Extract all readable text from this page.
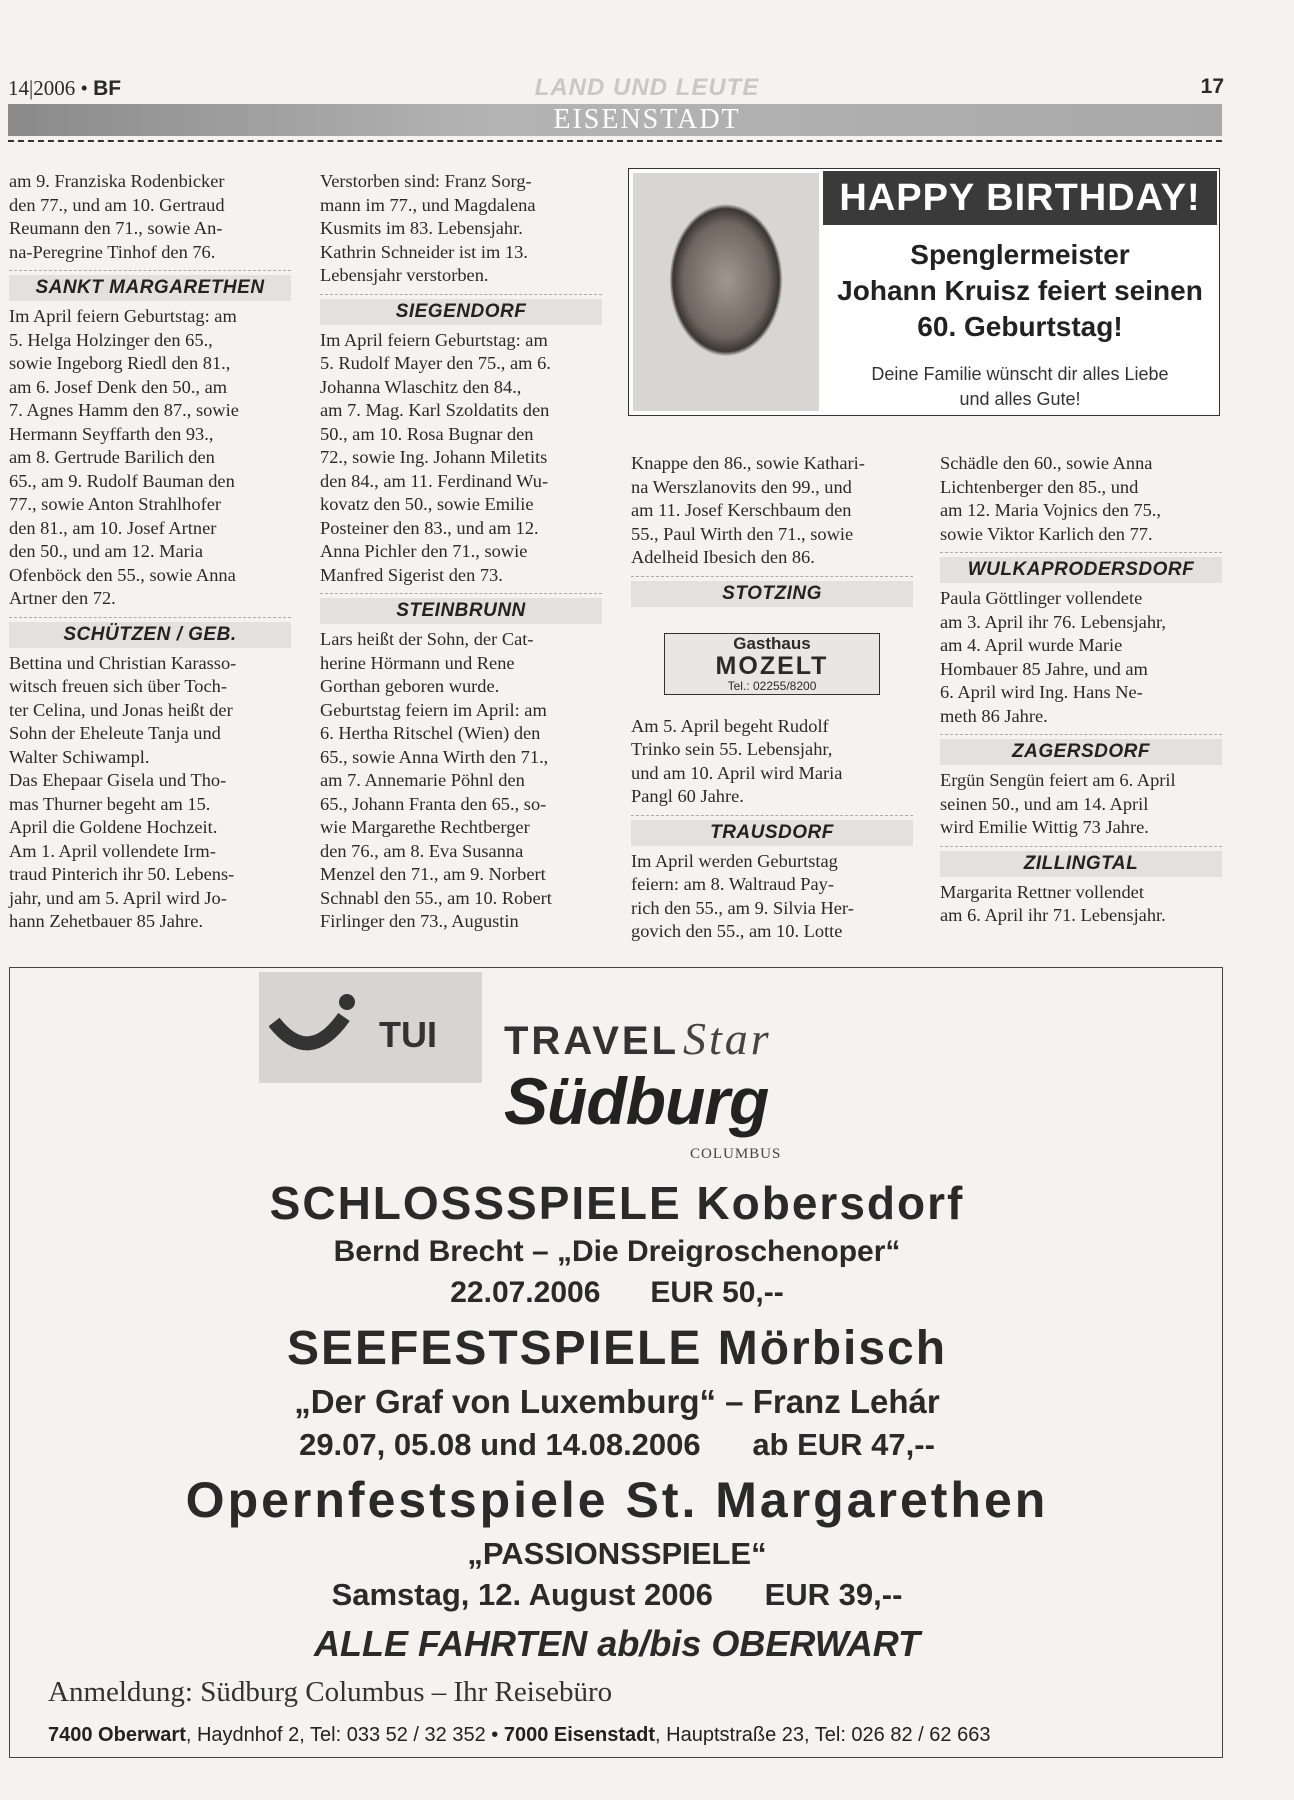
14|2006 • BF	LAND UND LEUTE	17
EISENSTADT
am 9. Franziska Rodenbicker
den 77., und am 10. Gertraud
Reumann den 71., sowie An-
na-Peregrine Tinhof den 76.
SANKT MARGARETHEN
Im April feiern Geburtstag: am
5. Helga Holzinger den 65.,
sowie Ingeborg Riedl den 81.,
am 6. Josef Denk den 50., am
7. Agnes Hamm den 87., sowie
Hermann Seyffarth den 93.,
am 8. Gertrude Barilich den
65., am 9. Rudolf Bauman den
77., sowie Anton Strahlhofer
den 81., am 10. Josef Artner
den 50., und am 12. Maria
Ofenböck den 55., sowie Anna
Artner den 72.
SCHÜTZEN / GEB.
Bettina und Christian Karasso-
witsch freuen sich über Toch-
ter Celina, und Jonas heißt der
Sohn der Eheleute Tanja und
Walter Schiwampl.
Das Ehepaar Gisela und Tho-
mas Thurner begeht am 15.
April die Goldene Hochzeit.
Am 1. April vollendete Irm-
traud Pinterich ihr 50. Lebens-
jahr, und am 5. April wird Jo-
hann Zehetbauer 85 Jahre.
Verstorben sind: Franz Sorg-
mann im 77., und Magdalena
Kusmits im 83. Lebensjahr.
Kathrin Schneider ist im 13.
Lebensjahr verstorben.
SIEGENDORF
Im April feiern Geburtstag: am
5. Rudolf Mayer den 75., am 6.
Johanna Wlaschitz den 84.,
am 7. Mag. Karl Szoldatits den
50., am 10. Rosa Bugnar den
72., sowie Ing. Johann Miletits
den 84., am 11. Ferdinand Wu-
kovatz den 50., sowie Emilie
Posteiner den 83., und am 12.
Anna Pichler den 71., sowie
Manfred Sigerist den 73.
STEINBRUNN
Lars heißt der Sohn, der Cat-
herine Hörmann und Rene
Gorthan geboren wurde.
Geburtstag feiern im April: am
6. Hertha Ritschel (Wien) den
65., sowie Anna Wirth den 71.,
am 7. Annemarie Pöhnl den
65., Johann Franta den 65., so-
wie Margarethe Rechtberger
den 76., am 8. Eva Susanna
Menzel den 71., am 9. Norbert
Schnabl den 55., am 10. Robert
Firlinger den 73., Augustin
Knappe den 86., sowie Kathari-
na Werszlanovits den 99., und
am 11. Josef Kerschbaum den
55., Paul Wirth den 71., sowie
Adelheid Ibesich den 86.
STOTZING
Am 5. April begeht Rudolf
Trinko sein 55. Lebensjahr,
und am 10. April wird Maria
Pangl 60 Jahre.
TRAUSDORF
Im April werden Geburtstag
feiern: am 8. Waltraud Pay-
rich den 55., am 9. Silvia Her-
govich den 55., am 10. Lotte
Schädle den 60., sowie Anna
Lichtenberger den 85., und
am 12. Maria Vojnics den 75.,
sowie Viktor Karlich den 77.
WULKAPRODERSDORF
Paula Göttlinger vollendete
am 3. April ihr 76. Lebensjahr,
am 4. April wurde Marie
Hombauer 85 Jahre, und am
6. April wird Ing. Hans Ne-
meth 86 Jahre.
ZAGERSDORF
Ergün Sengün feiert am 6. April
seinen 50., und am 14. April
wird Emilie Wittig 73 Jahre.
ZILLINGTAL
Margarita Rettner vollendet
am 6. April ihr 71. Lebensjahr.
HAPPY BIRTHDAY!
Spenglermeister
Johann Kruisz feiert seinen
60. Geburtstag!
Deine Familie wünscht dir alles Liebe
und alles Gute!
Gasthaus
MOZELT
Tel.: 02255/8200
TUI TRAVEL Star
Südburg
COLUMBUS
SCHLOSSSPIELE Kobersdorf
Bernd Brecht – „Die Dreigroschenoper“
22.07.2006      EUR 50,--
SEEFESTSPIELE Mörbisch
„Der Graf von Luxemburg“ – Franz Lehár
29.07, 05.08 und 14.08.2006      ab EUR 47,--
Opernfestspiele St. Margarethen
„PASSIONSSPIELE“
Samstag, 12. August 2006      EUR 39,--
ALLE FAHRTEN ab/bis OBERWART
Anmeldung: Südburg Columbus – Ihr Reisebüro
7400 Oberwart, Haydnhof 2, Tel: 033 52 / 32 352 • 7000 Eisenstadt, Hauptstraße 23, Tel: 026 82 / 62 663
